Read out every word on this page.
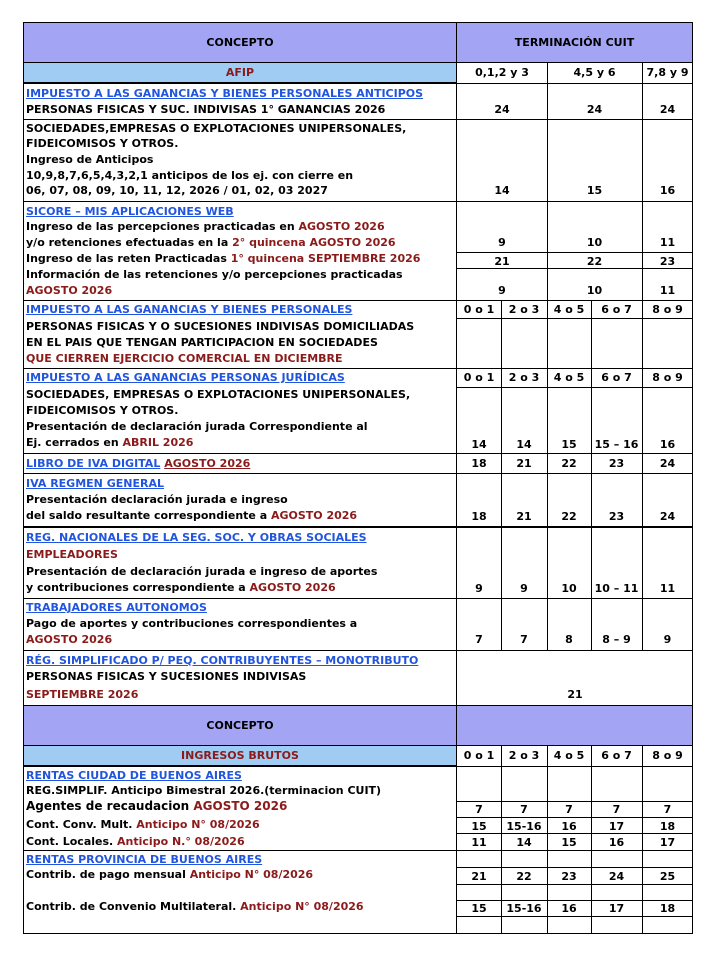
CONCEPTO	TERMINACIÓN CUIT
AFIP	0,1,2 y 3	4,5 y 6	7,8 y 9
IMPUESTO A LAS GANANCIAS Y BIENES PERSONALES ANTICIPOS
PERSONAS FISICAS Y SUC. INDIVISAS 1° GANANCIAS 2026	24	24	24
SOCIEDADES,EMPRESAS O EXPLOTACIONES UNIPERSONALES,
FIDEICOMISOS Y OTROS.
Ingreso de Anticipos
10,9,8,7,6,5,4,3,2,1 anticipos de los ej. con cierre en
06, 07, 08, 09, 10, 11, 12, 2026 / 01, 02, 03 2027	14	15	16
SICORE – MIS APLICACIONES WEB
Ingreso de las percepciones practicadas en AGOSTO 2026
y/o retenciones efectuadas en la 2° quincena AGOSTO 2026	9	10	11
Ingreso de las reten Practicadas 1° quincena SEPTIEMBRE 2026	21	22	23
Información de las retenciones y/o percepciones practicadas
AGOSTO 2026	9	10	11
IMPUESTO A LAS GANANCIAS Y BIENES PERSONALES	0 o 1	2 o 3	4 o 5	6 o 7	8 o 9
PERSONAS FISICAS Y O SUCESIONES INDIVISAS DOMICILIADAS
EN EL PAIS QUE TENGAN PARTICIPACION EN SOCIEDADES
QUE CIERREN EJERCICIO COMERCIAL EN DICIEMBRE
IMPUESTO A LAS GANANCIAS PERSONAS JURÍDICAS	0 o 1	2 o 3	4 o 5	6 o 7	8 o 9
SOCIEDADES, EMPRESAS O EXPLOTACIONES UNIPERSONALES,
FIDEICOMISOS Y OTROS.
Presentación de declaración jurada Correspondiente al
Ej. cerrados en ABRIL 2026	14	14	15	15 – 16	16
LIBRO DE IVA DIGITAL AGOSTO 2026	18	21	22	23	24
IVA REGMEN GENERAL
Presentación declaración jurada e ingreso
del saldo resultante correspondiente a AGOSTO 2026	18	21	22	23	24
REG. NACIONALES DE LA SEG. SOC. Y OBRAS SOCIALES
EMPLEADORES
Presentación de declaración jurada e ingreso de aportes
y contribuciones correspondiente a AGOSTO 2026	9	9	10	10 – 11	11
TRABAJADORES AUTONOMOS
Pago de aportes y contribuciones correspondientes a
AGOSTO 2026	7	7	8	8 – 9	9
RÉG. SIMPLIFICADO P/ PEQ. CONTRIBUYENTES – MONOTRIBUTO
PERSONAS FISICAS Y SUCESIONES INDIVISAS
SEPTIEMBRE 2026	21
CONCEPTO
INGRESOS BRUTOS	0 o 1	2 o 3	4 o 5	6 o 7	8 o 9
RENTAS CIUDAD DE BUENOS AIRES
REG.SIMPLIF. Anticipo Bimestral 2026.(terminacion CUIT)
Agentes de recaudacion AGOSTO 2026	7	7	7	7	7
Cont. Conv. Mult. Anticipo N° 08/2026	15	15-16	16	17	18
Cont. Locales. Anticipo N.° 08/2026	11	14	15	16	17
RENTAS PROVINCIA DE BUENOS AIRES
Contrib. de pago mensual Anticipo N° 08/2026	21	22	23	24	25
Contrib. de Convenio Multilateral. Anticipo N° 08/2026	15	15-16	16	17	18
